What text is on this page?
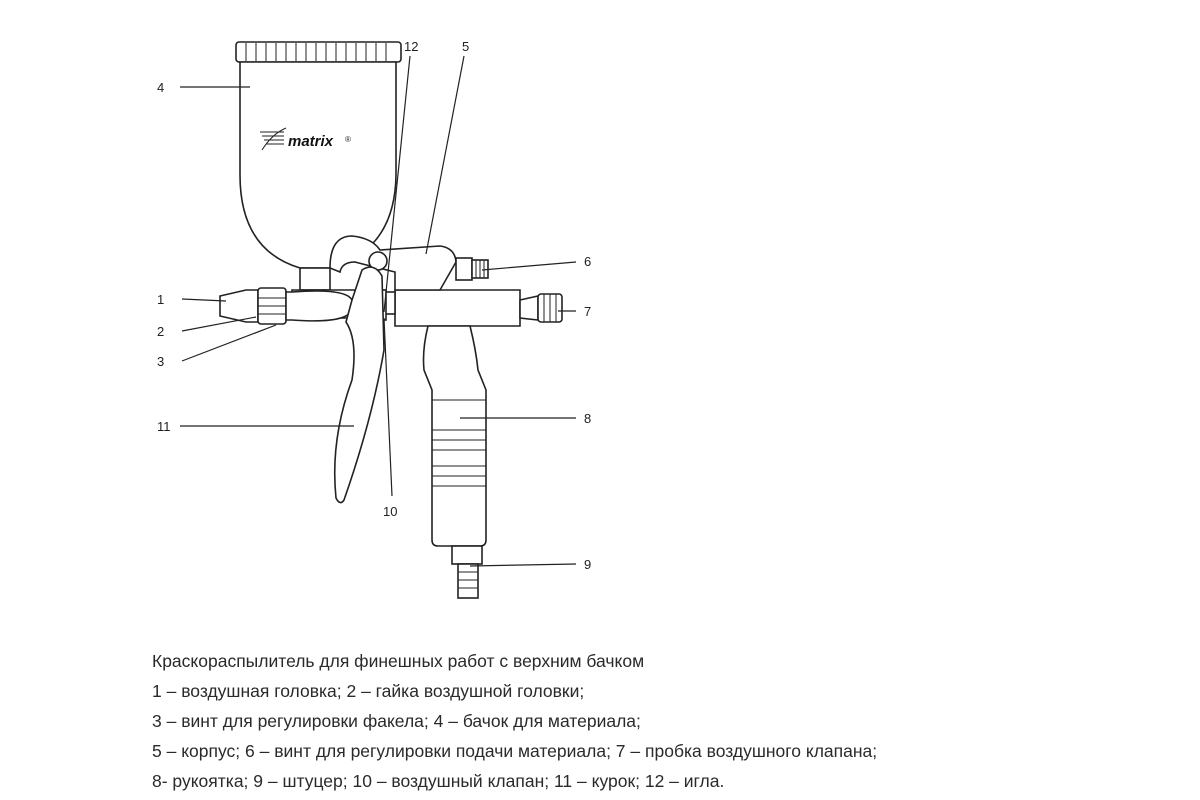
matrix ®
4
1
2
3
11
12	5
6
7
8
9
10
Краскораспылитель для финешных работ с верхним бачком
1 – воздушная головка; 2 – гайка воздушной головки;
3 – винт для регулировки факела; 4 – бачок для материала;
5 – корпус; 6 – винт для регулировки подачи материала; 7 – пробка воздушного клапана;
8- рукоятка; 9 – штуцер; 10 – воздушный клапан; 11 – курок; 12 – игла.
